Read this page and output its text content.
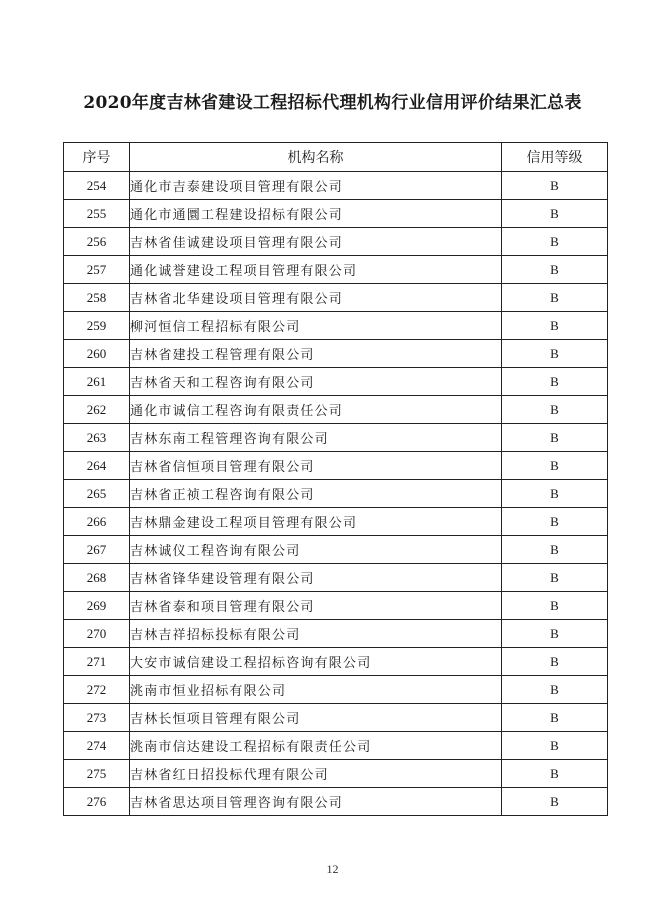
2020年度吉林省建设工程招标代理机构行业信用评价结果汇总表
序号	机构名称	信用等级
254	通化市吉泰建设项目管理有限公司	B
255	通化市通圜工程建设招标有限公司	B
256	吉林省佳诚建设项目管理有限公司	B
257	通化诚誉建设工程项目管理有限公司	B
258	吉林省北华建设项目管理有限公司	B
259	柳河恒信工程招标有限公司	B
260	吉林省建投工程管理有限公司	B
261	吉林省天和工程咨询有限公司	B
262	通化市诚信工程咨询有限责任公司	B
263	吉林东南工程管理咨询有限公司	B
264	吉林省信恒项目管理有限公司	B
265	吉林省正祯工程咨询有限公司	B
266	吉林鼎金建设工程项目管理有限公司	B
267	吉林诚仪工程咨询有限公司	B
268	吉林省锋华建设管理有限公司	B
269	吉林省泰和项目管理有限公司	B
270	吉林吉祥招标投标有限公司	B
271	大安市诚信建设工程招标咨询有限公司	B
272	洮南市恒业招标有限公司	B
273	吉林长恒项目管理有限公司	B
274	洮南市信达建设工程招标有限责任公司	B
275	吉林省红日招投标代理有限公司	B
276	吉林省思达项目管理咨询有限公司	B
12
